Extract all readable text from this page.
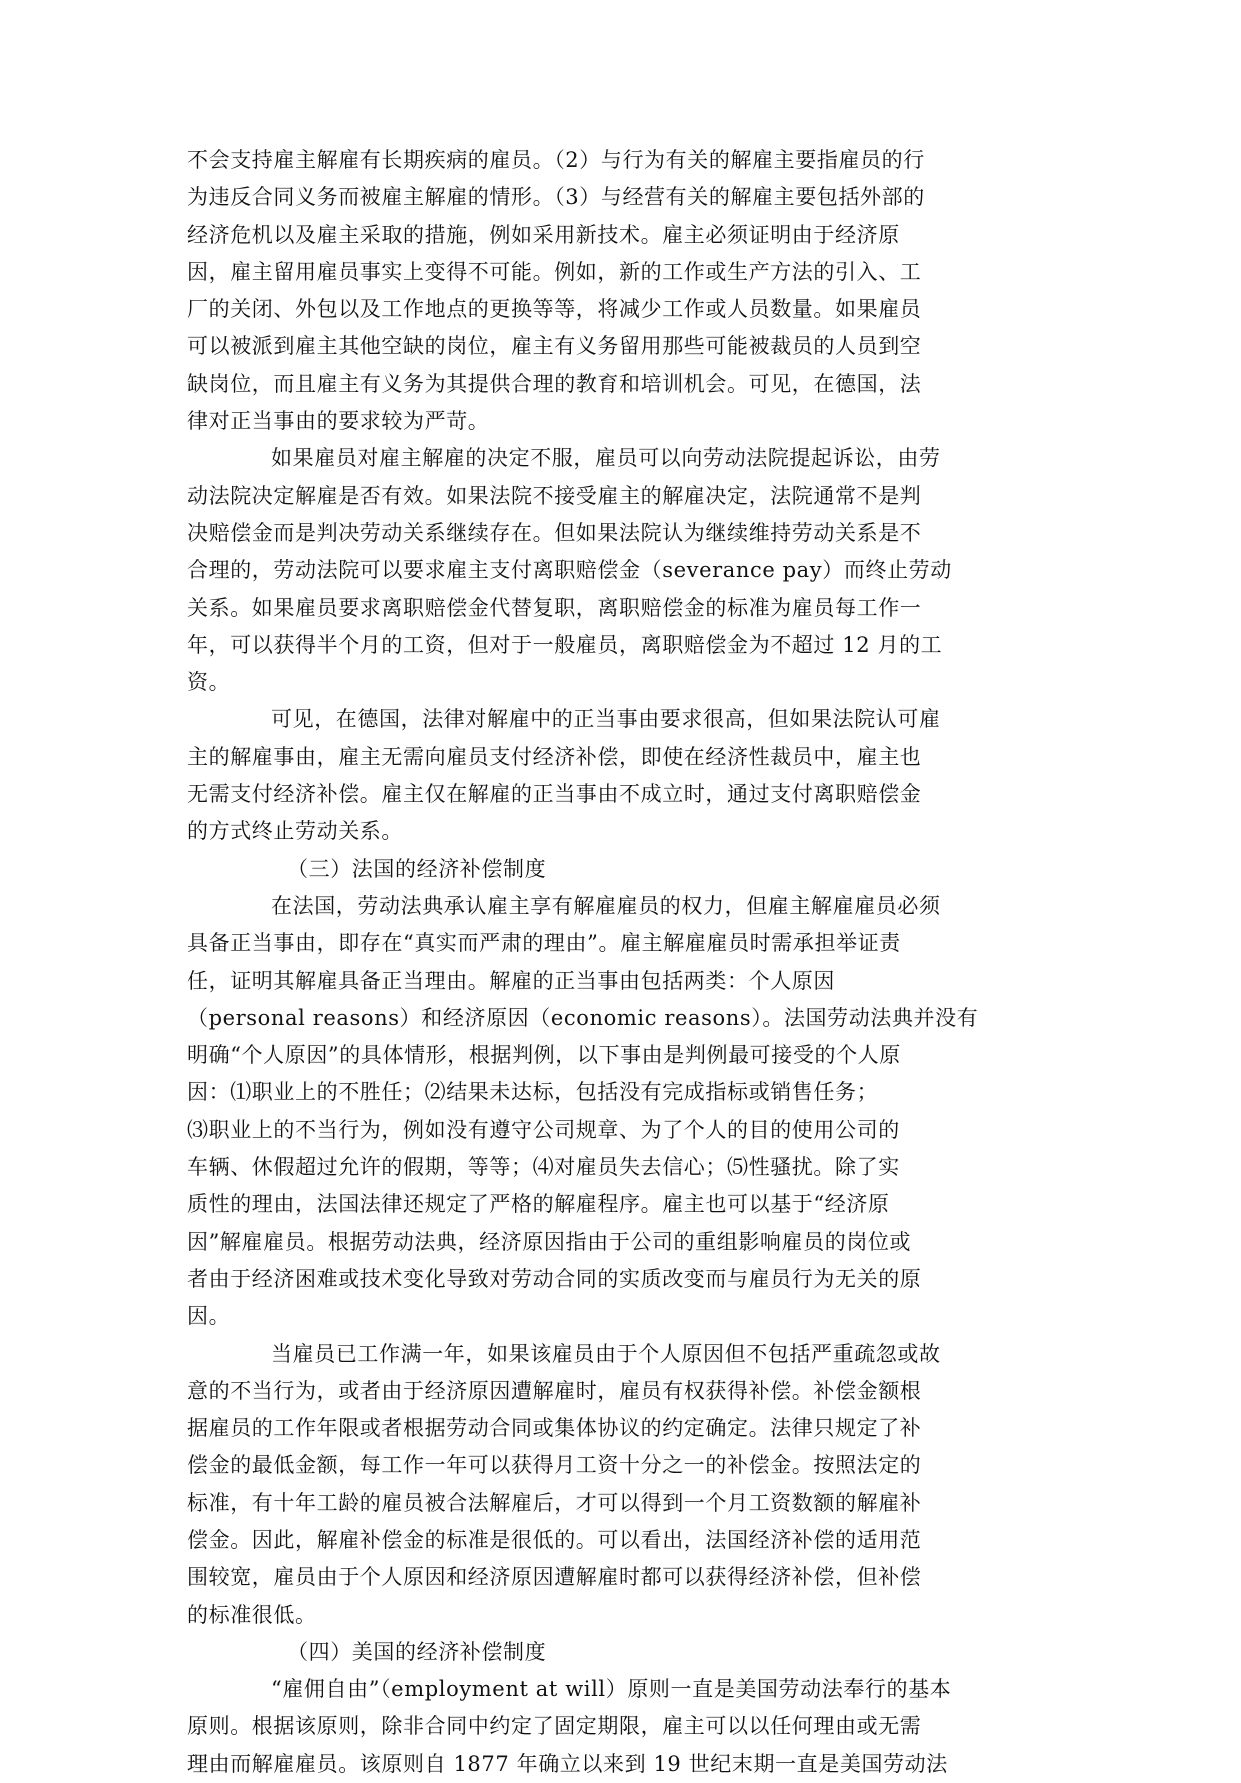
不会支持雇主解雇有长期疾病的雇员。（2）与行为有关的解雇主要指雇员的行
为违反合同义务而被雇主解雇的情形。（3）与经营有关的解雇主要包括外部的
经济危机以及雇主采取的措施，例如采用新技术。雇主必须证明由于经济原
因，雇主留用雇员事实上变得不可能。例如，新的工作或生产方法的引入、工
厂的关闭、外包以及工作地点的更换等等，将减少工作或人员数量。如果雇员
可以被派到雇主其他空缺的岗位，雇主有义务留用那些可能被裁员的人员到空
缺岗位，而且雇主有义务为其提供合理的教育和培训机会。可见，在德国，法
律对正当事由的要求较为严苛。
如果雇员对雇主解雇的决定不服，雇员可以向劳动法院提起诉讼，由劳
动法院决定解雇是否有效。如果法院不接受雇主的解雇决定，法院通常不是判
决赔偿金而是判决劳动关系继续存在。但如果法院认为继续维持劳动关系是不
合理的，劳动法院可以要求雇主支付离职赔偿金（severance pay）而终止劳动
关系。如果雇员要求离职赔偿金代替复职，离职赔偿金的标准为雇员每工作一
年，可以获得半个月的工资，但对于一般雇员，离职赔偿金为不超过 12 月的工
资。
可见，在德国，法律对解雇中的正当事由要求很高，但如果法院认可雇
主的解雇事由，雇主无需向雇员支付经济补偿，即使在经济性裁员中，雇主也
无需支付经济补偿。雇主仅在解雇的正当事由不成立时，通过支付离职赔偿金
的方式终止劳动关系。
（三）法国的经济补偿制度
在法国，劳动法典承认雇主享有解雇雇员的权力，但雇主解雇雇员必须
具备正当事由，即存在“真实而严肃的理由”。雇主解雇雇员时需承担举证责
任，证明其解雇具备正当理由。解雇的正当事由包括两类：个人原因
（personal reasons）和经济原因（economic reasons）。法国劳动法典并没有
明确“个人原因”的具体情形，根据判例，以下事由是判例最可接受的个人原
因：⑴职业上的不胜任；⑵结果未达标，包括没有完成指标或销售任务；
⑶职业上的不当行为，例如没有遵守公司规章、为了个人的目的使用公司的
车辆、休假超过允许的假期，等等；⑷对雇员失去信心；⑸性骚扰。除了实
质性的理由，法国法律还规定了严格的解雇程序。雇主也可以基于“经济原
因”解雇雇员。根据劳动法典，经济原因指由于公司的重组影响雇员的岗位或
者由于经济困难或技术变化导致对劳动合同的实质改变而与雇员行为无关的原
因。
当雇员已工作满一年，如果该雇员由于个人原因但不包括严重疏忽或故
意的不当行为，或者由于经济原因遭解雇时，雇员有权获得补偿。补偿金额根
据雇员的工作年限或者根据劳动合同或集体协议的约定确定。法律只规定了补
偿金的最低金额，每工作一年可以获得月工资十分之一的补偿金。按照法定的
标准，有十年工龄的雇员被合法解雇后，才可以得到一个月工资数额的解雇补
偿金。因此，解雇补偿金的标准是很低的。可以看出，法国经济补偿的适用范
围较宽，雇员由于个人原因和经济原因遭解雇时都可以获得经济补偿，但补偿
的标准很低。
（四）美国的经济补偿制度
“雇佣自由”（employment at will）原则一直是美国劳动法奉行的基本
原则。根据该原则，除非合同中约定了固定期限，雇主可以以任何理由或无需
理由而解雇雇员。该原则自 1877 年确立以来到 19 世纪末期一直是美国劳动法
